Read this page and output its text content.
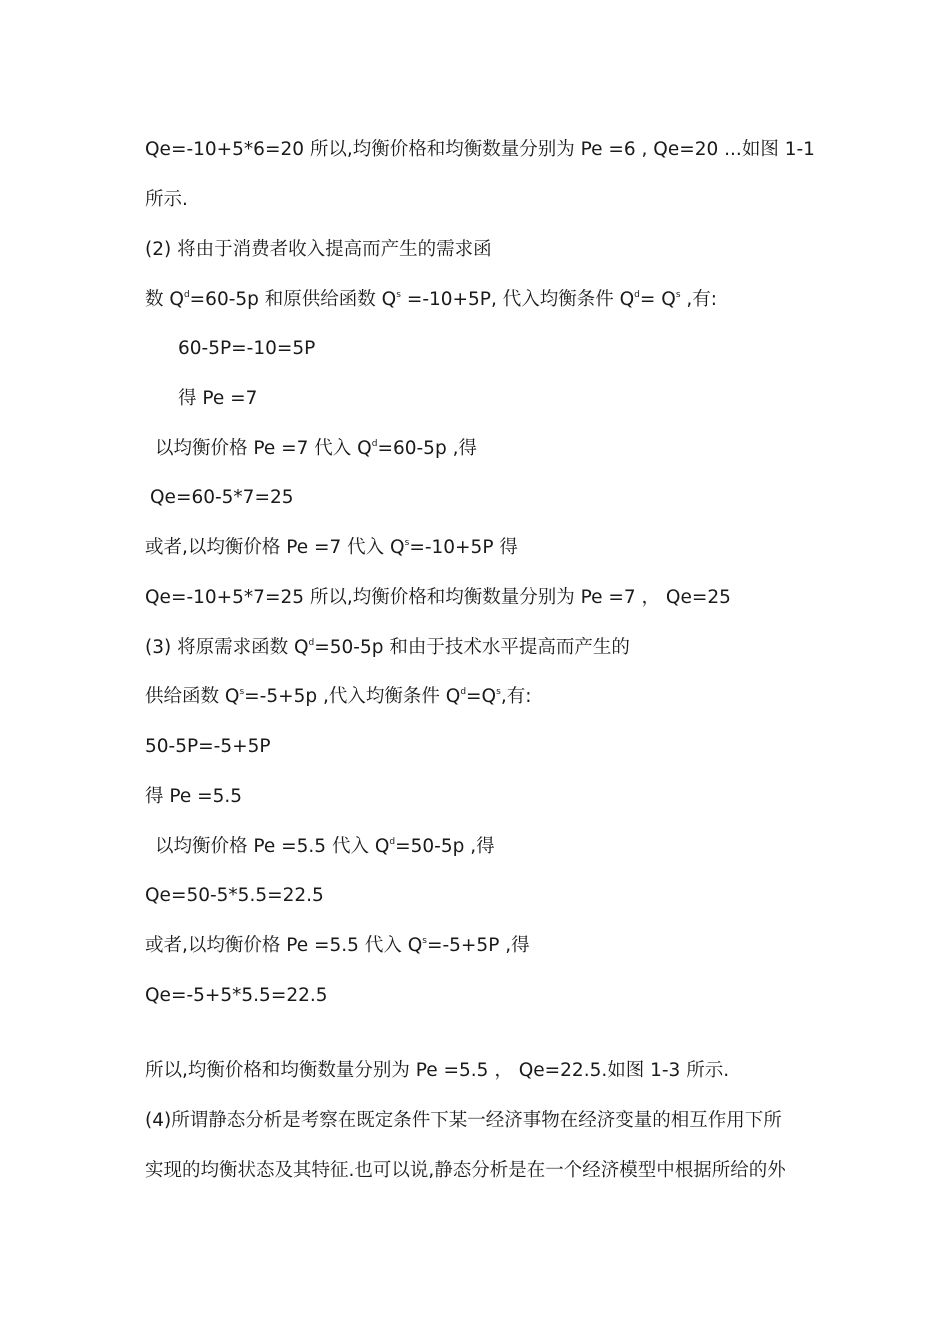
Qe=-10+5*6=20 所以,均衡价格和均衡数量分别为 Pe =6 , Qe=20 ...如图 1-1
所示.
(2) 将由于消费者收入提高而产生的需求函
数 $Q^d=60-5p$ 和原供给函数 $Q^s =-10+5P$, 代入均衡条件 $Q^d= Q^s$ ,有:
60-5P=-10=5P
得 Pe =7
以均衡价格 Pe =7 代入 $Q^d=60-5p$ ,得
Qe=60-5*7=25
或者,以均衡价格 Pe =7 代入 $Q^s=-10+5P$ 得
Qe=-10+5*7=25 所以,均衡价格和均衡数量分别为 Pe =7 ， Qe=25
(3) 将原需求函数 $Q^d=50-5p$ 和由于技术水平提高而产生的
供给函数 $Q^s=-5+5p$ ,代入均衡条件 $Q^d=Q^s$,有:
50-5P=-5+5P
得 Pe =5.5
以均衡价格 Pe =5.5 代入 $Q^d=50-5p$ ,得
Qe=50-5*5.5=22.5
或者,以均衡价格 Pe =5.5 代入 $Q^s=-5+5P$ ,得
Qe=-5+5*5.5=22.5
所以,均衡价格和均衡数量分别为 Pe =5.5 ， Qe=22.5.如图 1-3 所示.
(4)所谓静态分析是考察在既定条件下某一经济事物在经济变量的相互作用下所
实现的均衡状态及其特征.也可以说,静态分析是在一个经济模型中根据所给的外
